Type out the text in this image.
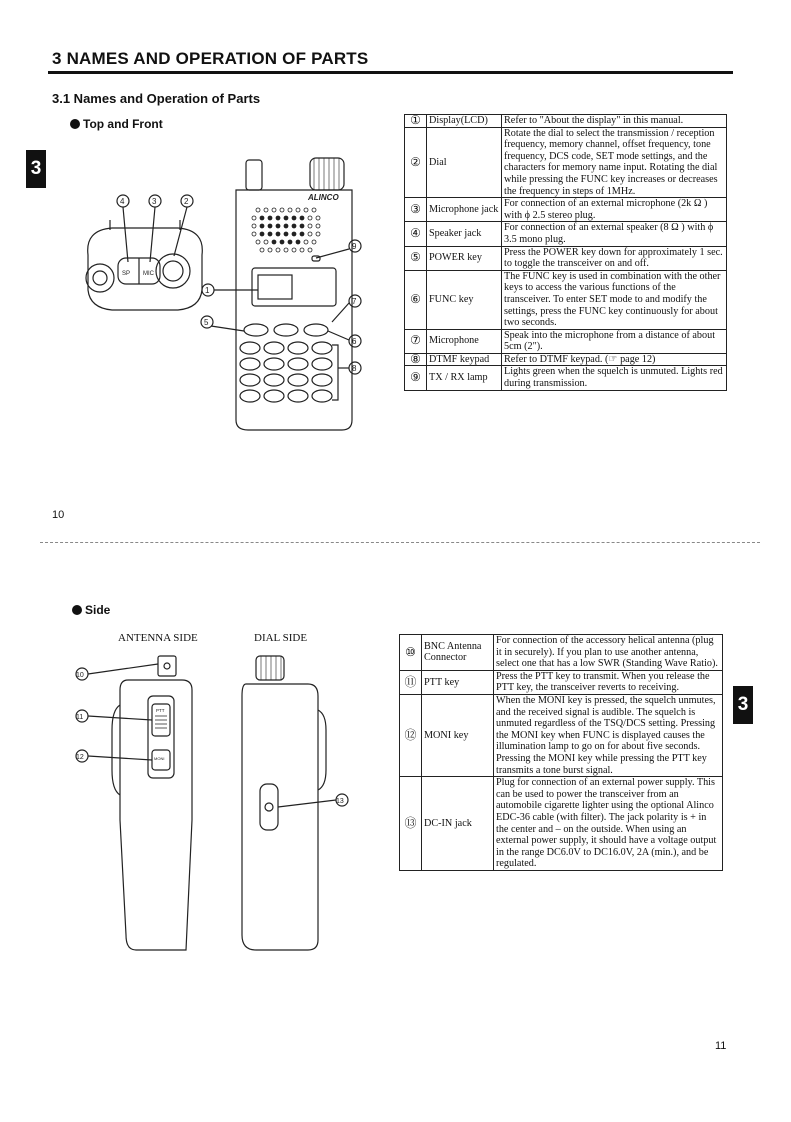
3 NAMES AND OPERATION OF PARTS
3.1 Names and Operation of Parts
3
Top and Front
SP MIC
4	3	2	ALINCO
9
1
7
5
6
8
①	Display(LCD)	Refer to "About the display" in this manual.
②	Dial	Rotate the dial to select the transmission / reception frequency, memory channel, offset frequency, tone frequency, DCS code, SET mode settings, and the characters for memory name input. Rotating the dial while pressing the FUNC key increases or decreases the frequency in steps of 1MHz.
③	Microphone jack	For connection of an external microphone (2k Ω ) with ϕ 2.5 stereo plug.
④	Speaker jack	For connection of an external speaker (8 Ω ) with ϕ 3.5 mono plug.
⑤	POWER key	Press the POWER key down for approximately 1 sec. to toggle the transceiver on and off.
⑥	FUNC key	The FUNC key is used in combination with the other keys to access the various functions of the transceiver. To enter SET mode to and modify the settings, press the FUNC key continuously for about two seconds.
⑦	Microphone	Speak into the microphone from a distance of about 5cm (2").
⑧	DTMF keypad	Refer to DTMF keypad. (☞ page 12)
⑨	TX / RX lamp	Lights green when the squelch is unmuted. Lights red during transmission.
10
Side
ANTENNA SIDE	DIAL SIDE
3
PTT
MONI
10
11
12
13
⑩	BNC Antenna Connector	For connection of the accessory helical antenna (plug it in securely). If you plan to use another antenna, select one that has a low SWR (Standing Wave Ratio).
⑪	PTT key	Press the PTT key to transmit. When you release the PTT key, the transceiver reverts to receiving.
⑫	MONI key	When the MONI key is pressed, the squelch unmutes, and the received signal is audible. The squelch is unmuted regardless of the TSQ/DCS setting. Pressing the MONI key when FUNC is displayed causes the illumination lamp to go on for about five seconds. Pressing the MONI key while pressing the PTT key transmits a tone burst signal.
⑬	DC-IN jack	Plug for connection of an external power supply. This can be used to power the transceiver from an automobile cigarette lighter using the optional Alinco EDC-36 cable (with filter). The jack polarity is + in the center and – on the outside. When using an external power supply, it should have a voltage output in the range DC6.0V to DC16.0V, 2A (min.), and be regulated.
11
